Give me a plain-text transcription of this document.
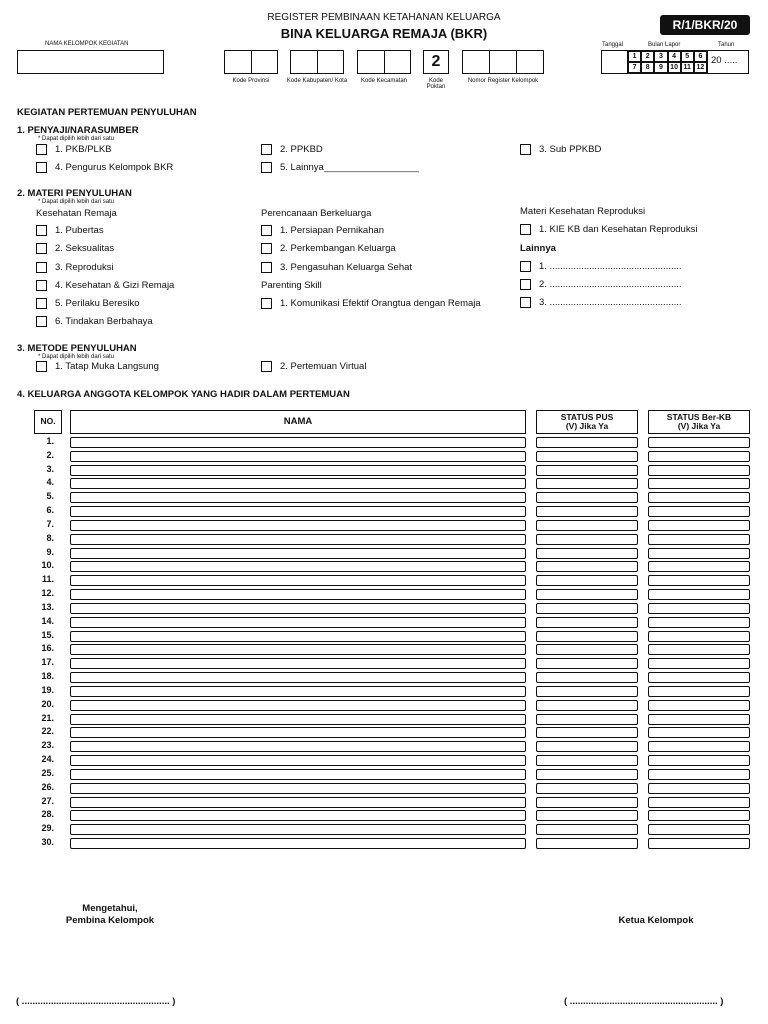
REGISTER PEMBINAAN KETAHANAN KELUARGA
BINA KELUARGA REMAJA (BKR)
R/1/BKR/20
NAMA KELOMPOK KEGIATAN
Kode Provinsi	Kode Kabupaten/ Kota	Kode Kecamatan
2
Kode Poktan
Nomor Register Kelompok
Tanggal	Bulan Lapor	Tahun
1	2	3	4	5	6
7	8	9	10 11 12
20 .....
KEGIATAN PERTEMUAN PENYULUHAN
1. PENYAJI/NARASUMBER
* Dapat dipilih lebih dari satu
1. PKB/PLKB	2. PPKBD	3. Sub PPKBD
4. Pengurus Kelompok BKR	5. Lainnya__________________
2. MATERI PENYULUHAN
* Dapat dipilih lebih dari satu
Kesehatan Remaja
1. Pubertas
2. Seksualitas
3. Reproduksi
4. Kesehatan & Gizi Remaja
5. Perilaku Beresiko
6. Tindakan Berbahaya
Perencanaan Berkeluarga
1. Persiapan Pernikahan
2. Perkembangan Keluarga
3. Pengasuhan Keluarga Sehat
Parenting Skill
1. Komunikasi Efektif Orangtua dengan Remaja
Materi Kesehatan Reproduksi
1. KIE KB dan Kesehatan Reproduksi
Lainnya
1. ..................................................
2. ..................................................
3. ..................................................
3. METODE PENYULUHAN
* Dapat dipilih lebih dari satu
1. Tatap Muka Langsung	2. Pertemuan Virtual
4. KELUARGA ANGGOTA KELOMPOK YANG HADIR DALAM PERTEMUAN
NO.	NAMA	STATUS PUS
(V) Jika Ya
STATUS Ber-KB
(V) Jika Ya
1.
2.
3.
4.
5.
6.
7.
8.
9.
10.
11.
12.
13.
14.
15.
16.
17.
18.
19.
20.
21.
22.
23.
24.
25.
26.
27.
28.
29.
30.
Mengetahui,
Pembina Kelompok	Ketua Kelompok
( ........................................................ )	( ........................................................ )
